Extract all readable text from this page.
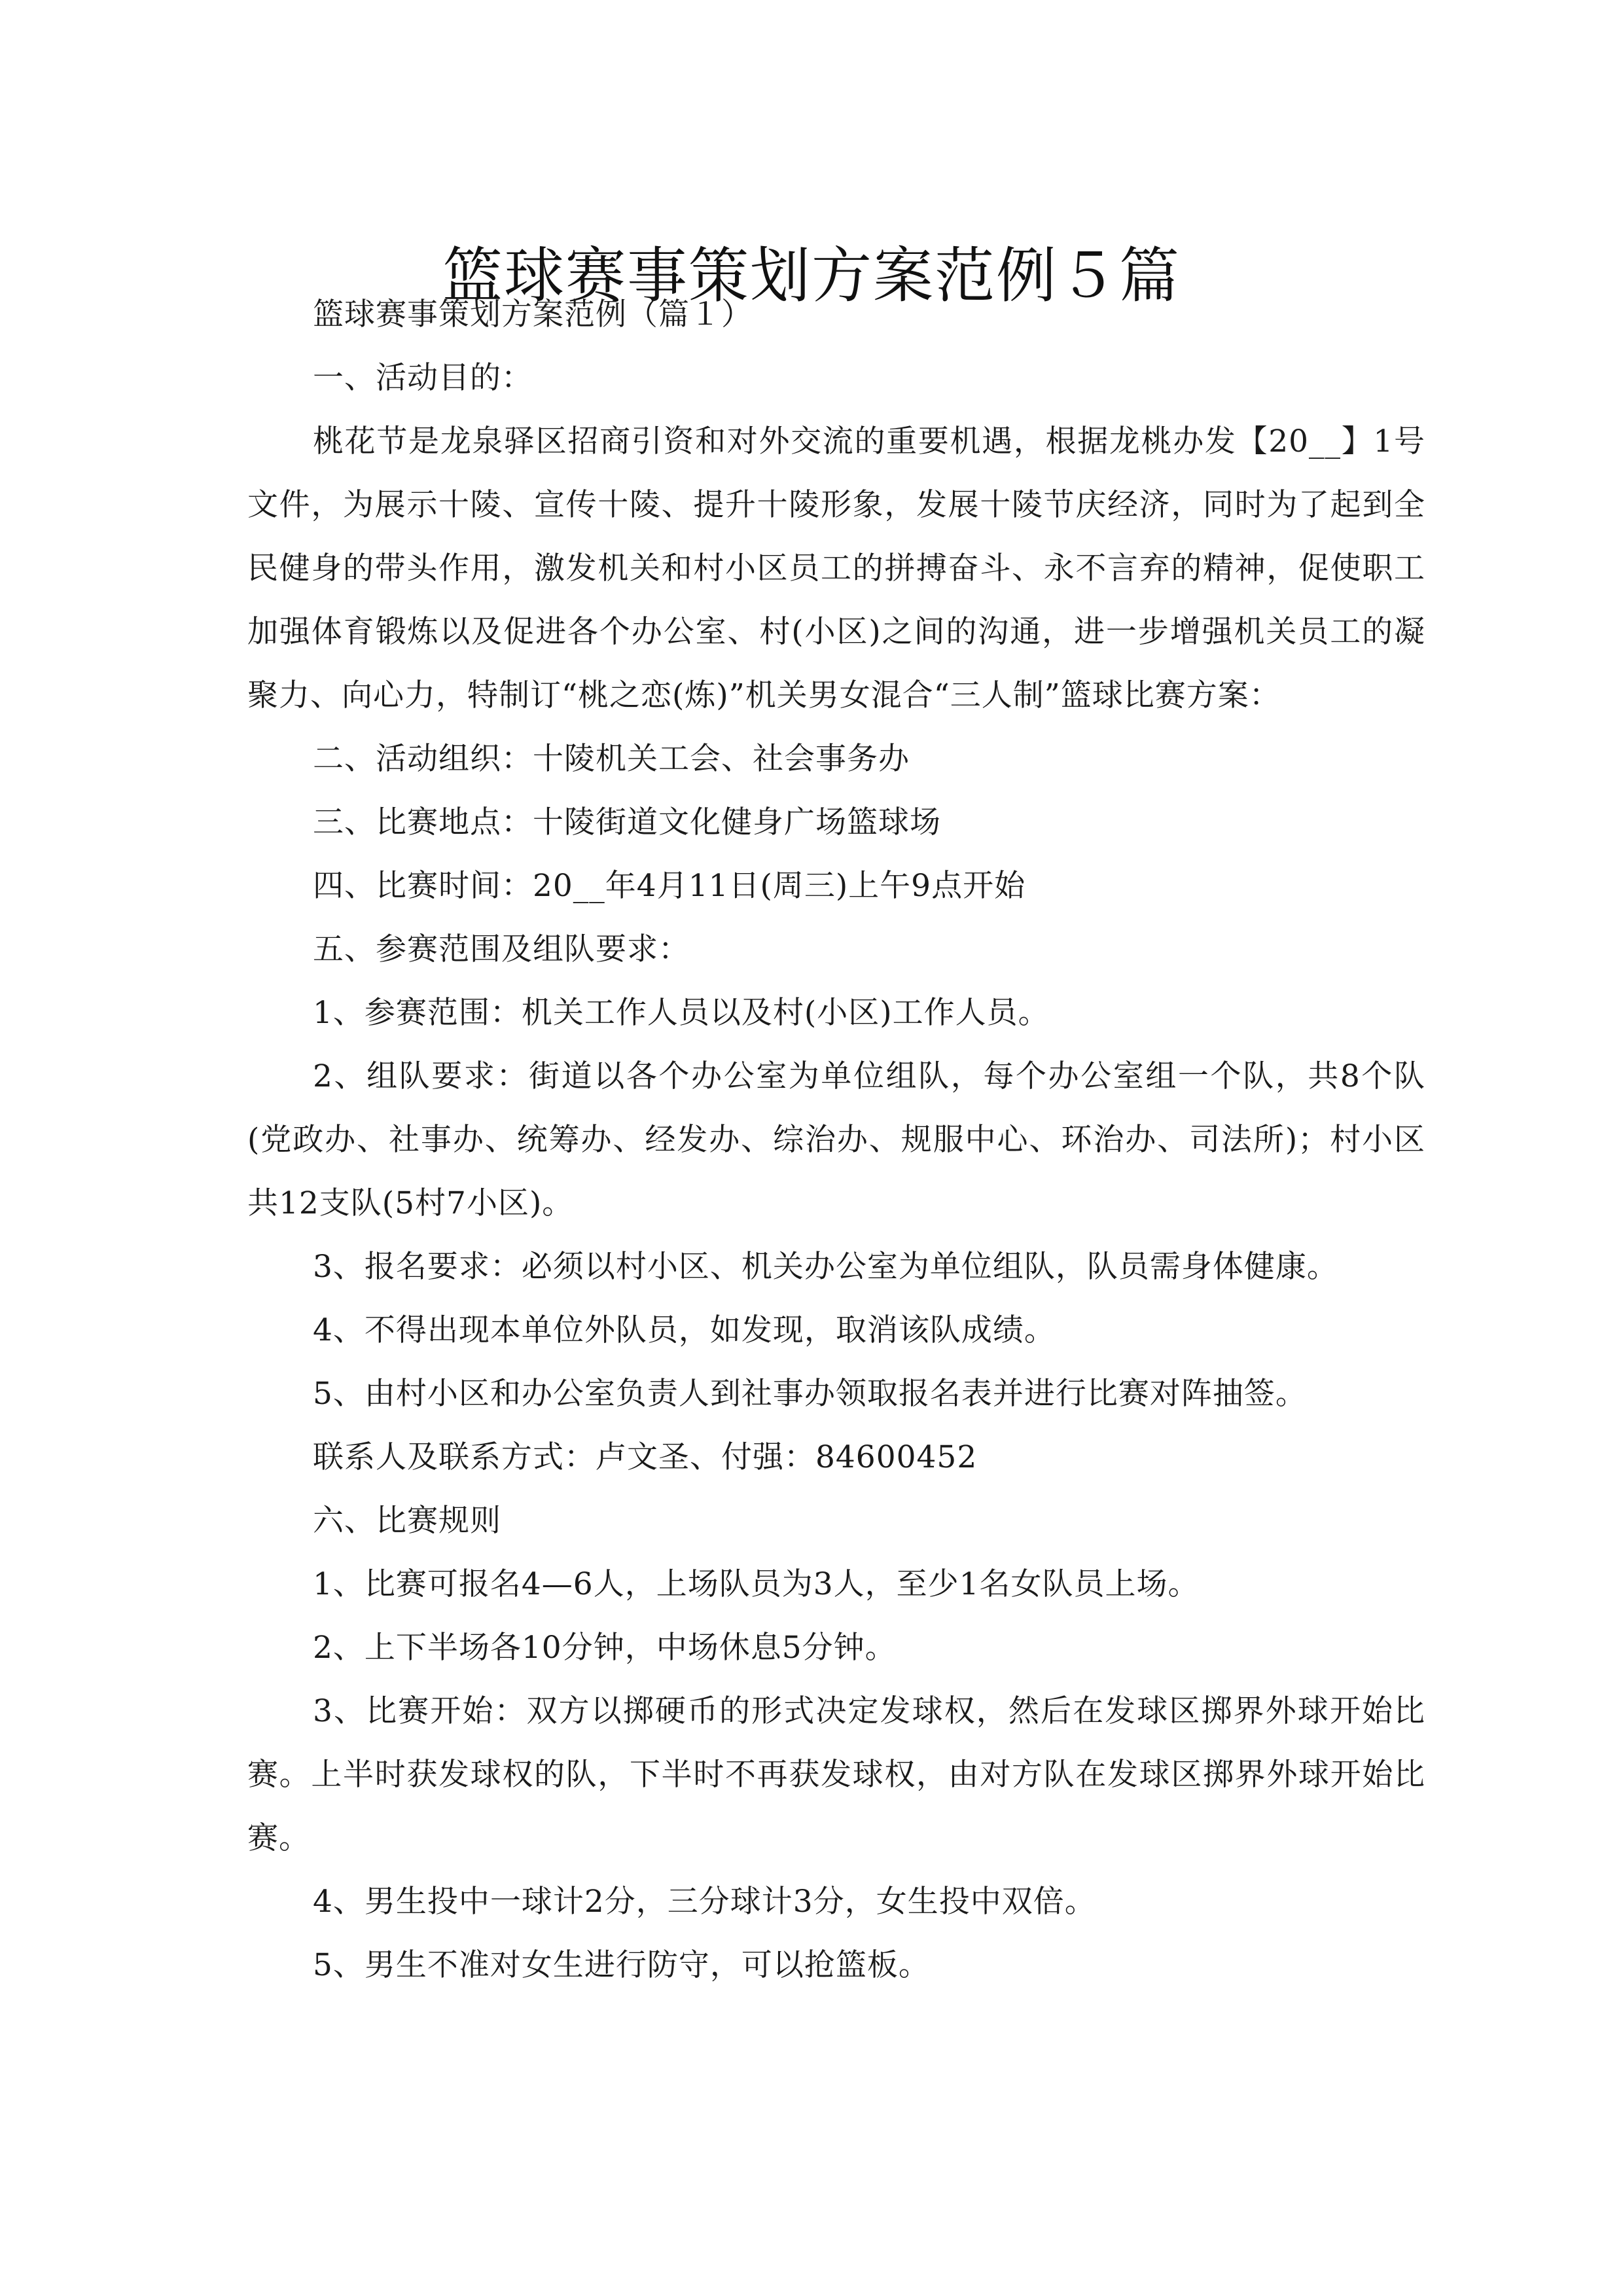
篮球赛事策划方案范例５篇

篮球赛事策划方案范例（篇１）

一、活动目的：

桃花节是龙泉驿区招商引资和对外交流的重要机遇，根据龙桃办发【20__】1号文件，为展示十陵、宣传十陵、提升十陵形象，发展十陵节庆经济，同时为了起到全民健身的带头作用，激发机关和村小区员工的拼搏奋斗、永不言弃的精神，促使职工加强体育锻炼以及促进各个办公室、村(小区)之间的沟通，进一步增强机关员工的凝聚力、向心力，特制订“桃之恋(炼)”机关男女混合“三人制”篮球比赛方案：

二、活动组织：十陵机关工会、社会事务办

三、比赛地点：十陵街道文化健身广场篮球场

四、比赛时间：20__年4月11日(周三)上午9点开始

五、参赛范围及组队要求：

1、参赛范围：机关工作人员以及村(小区)工作人员。

2、组队要求：街道以各个办公室为单位组队，每个办公室组一个队，共8个队(党政办、社事办、统筹办、经发办、综治办、规服中心、环治办、司法所)；村小区共12支队(5村7小区)。

3、报名要求：必须以村小区、机关办公室为单位组队，队员需身体健康。

4、不得出现本单位外队员，如发现，取消该队成绩。

5、由村小区和办公室负责人到社事办领取报名表并进行比赛对阵抽签。

联系人及联系方式：卢文圣、付强：84600452

六、比赛规则

1、比赛可报名4—6人，上场队员为3人，至少1名女队员上场。

2、上下半场各10分钟，中场休息5分钟。

3、比赛开始：双方以掷硬币的形式决定发球权，然后在发球区掷界外球开始比赛。上半时获发球权的队，下半时不再获发球权，由对方队在发球区掷界外球开始比赛。

4、男生投中一球计2分，三分球计3分，女生投中双倍。

5、男生不准对女生进行防守，可以抢篮板。
